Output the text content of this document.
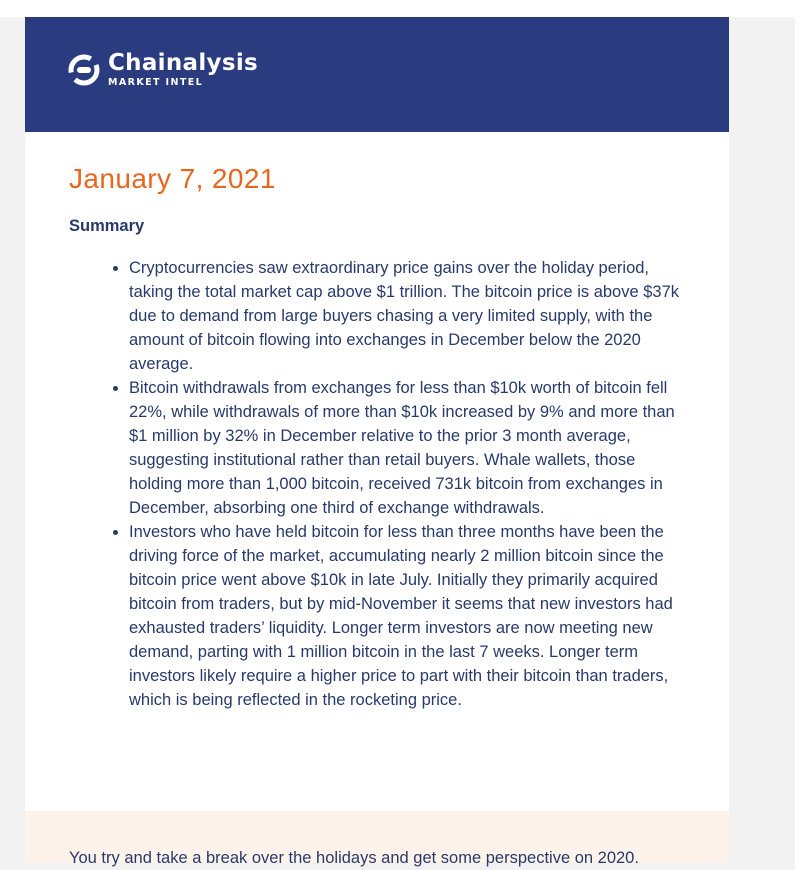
Chainalysis
MARKET INTEL
January 7, 2021
Summary
Cryptocurrencies saw extraordinary price gains over the holiday period, taking the total market cap above $1 trillion. The bitcoin price is above $37k due to demand from large buyers chasing a very limited supply, with the amount of bitcoin flowing into exchanges in December below the 2020 average.
Bitcoin withdrawals from exchanges for less than $10k worth of bitcoin fell 22%, while withdrawals of more than $10k increased by 9% and more than $1 million by 32% in December relative to the prior 3 month average, suggesting institutional rather than retail buyers. Whale wallets, those holding more than 1,000 bitcoin, received 731k bitcoin from exchanges in December, absorbing one third of exchange withdrawals.
Investors who have held bitcoin for less than three months have been the driving force of the market, accumulating nearly 2 million bitcoin since the bitcoin price went above $10k in late July. Initially they primarily acquired bitcoin from traders, but by mid-November it seems that new investors had exhausted traders’ liquidity. Longer term investors are now meeting new demand, parting with 1 million bitcoin in the last 7 weeks. Longer term investors likely require a higher price to part with their bitcoin than traders, which is being reflected in the rocketing price.

You try and take a break over the holidays and get some perspective on 2020.
